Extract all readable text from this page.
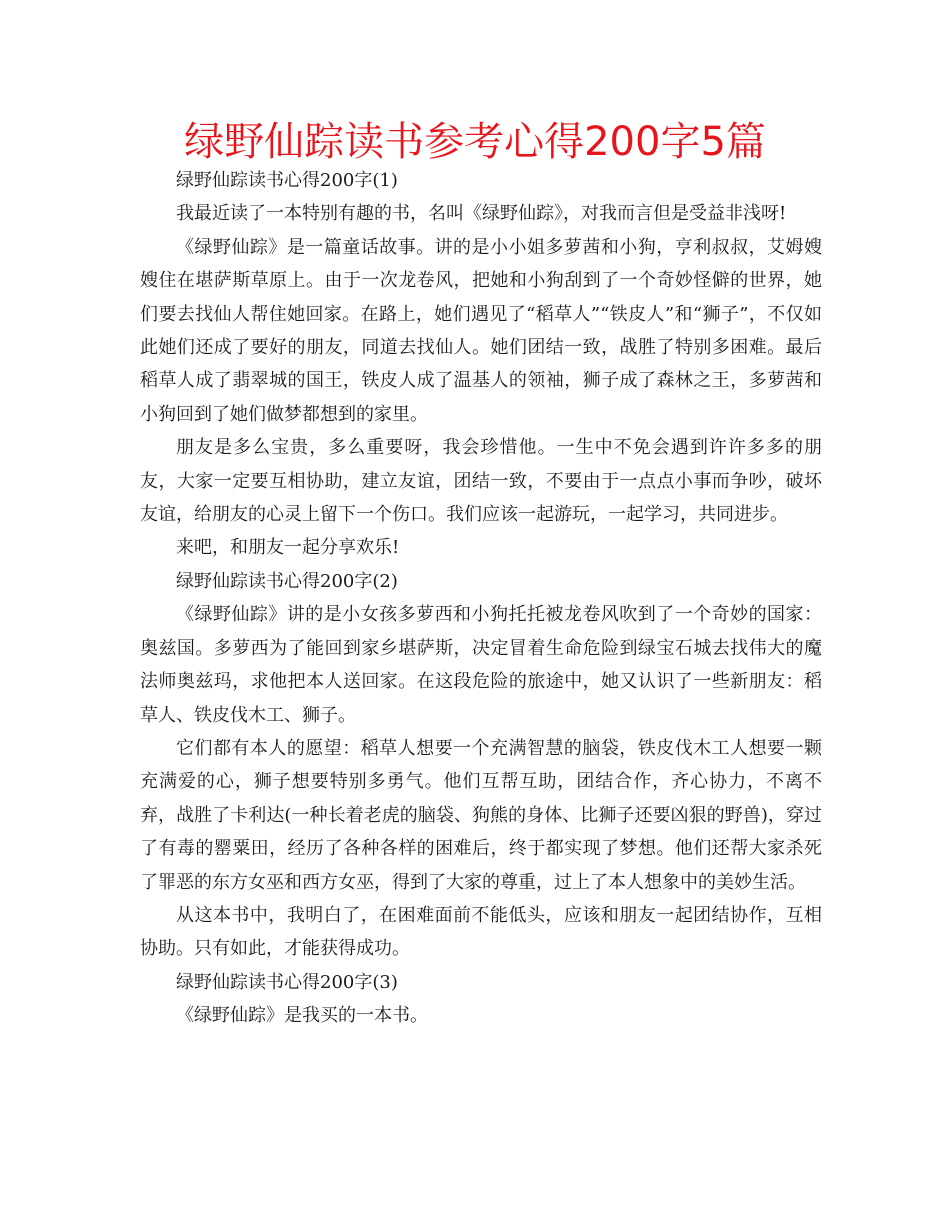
绿野仙踪读书参考心得200字5篇

绿野仙踪读书心得200字(1)

我最近读了一本特别有趣的书，名叫《绿野仙踪》，对我而言但是受益非浅呀!

《绿野仙踪》是一篇童话故事。讲的是小小姐多萝茜和小狗，亨利叔叔，艾姆嫂嫂住在堪萨斯草原上。由于一次龙卷风，把她和小狗刮到了一个奇妙怪僻的世界，她们要去找仙人帮住她回家。在路上，她们遇见了“稻草人”“铁皮人”和“狮子”，不仅如此她们还成了要好的朋友，同道去找仙人。她们团结一致，战胜了特别多困难。最后稻草人成了翡翠城的国王，铁皮人成了温基人的领袖，狮子成了森林之王，多萝茜和小狗回到了她们做梦都想到的家里。

朋友是多么宝贵，多么重要呀，我会珍惜他。一生中不免会遇到许许多多的朋友，大家一定要互相协助，建立友谊，团结一致，不要由于一点点小事而争吵，破坏友谊，给朋友的心灵上留下一个伤口。我们应该一起游玩，一起学习，共同进步。

来吧，和朋友一起分享欢乐!

绿野仙踪读书心得200字(2)

《绿野仙踪》讲的是小女孩多萝西和小狗托托被龙卷风吹到了一个奇妙的国家：奥兹国。多萝西为了能回到家乡堪萨斯，决定冒着生命危险到绿宝石城去找伟大的魔法师奥兹玛，求他把本人送回家。在这段危险的旅途中，她又认识了一些新朋友：稻草人、铁皮伐木工、狮子。

它们都有本人的愿望：稻草人想要一个充满智慧的脑袋，铁皮伐木工人想要一颗充满爱的心，狮子想要特别多勇气。他们互帮互助，团结合作，齐心协力，不离不弃，战胜了卡利达(一种长着老虎的脑袋、狗熊的身体、比狮子还要凶狠的野兽)，穿过了有毒的罂粟田，经历了各种各样的困难后，终于都实现了梦想。他们还帮大家杀死了罪恶的东方女巫和西方女巫，得到了大家的尊重，过上了本人想象中的美妙生活。

从这本书中，我明白了，在困难面前不能低头，应该和朋友一起团结协作，互相协助。只有如此，才能获得成功。

绿野仙踪读书心得200字(3)

《绿野仙踪》是我买的一本书。
